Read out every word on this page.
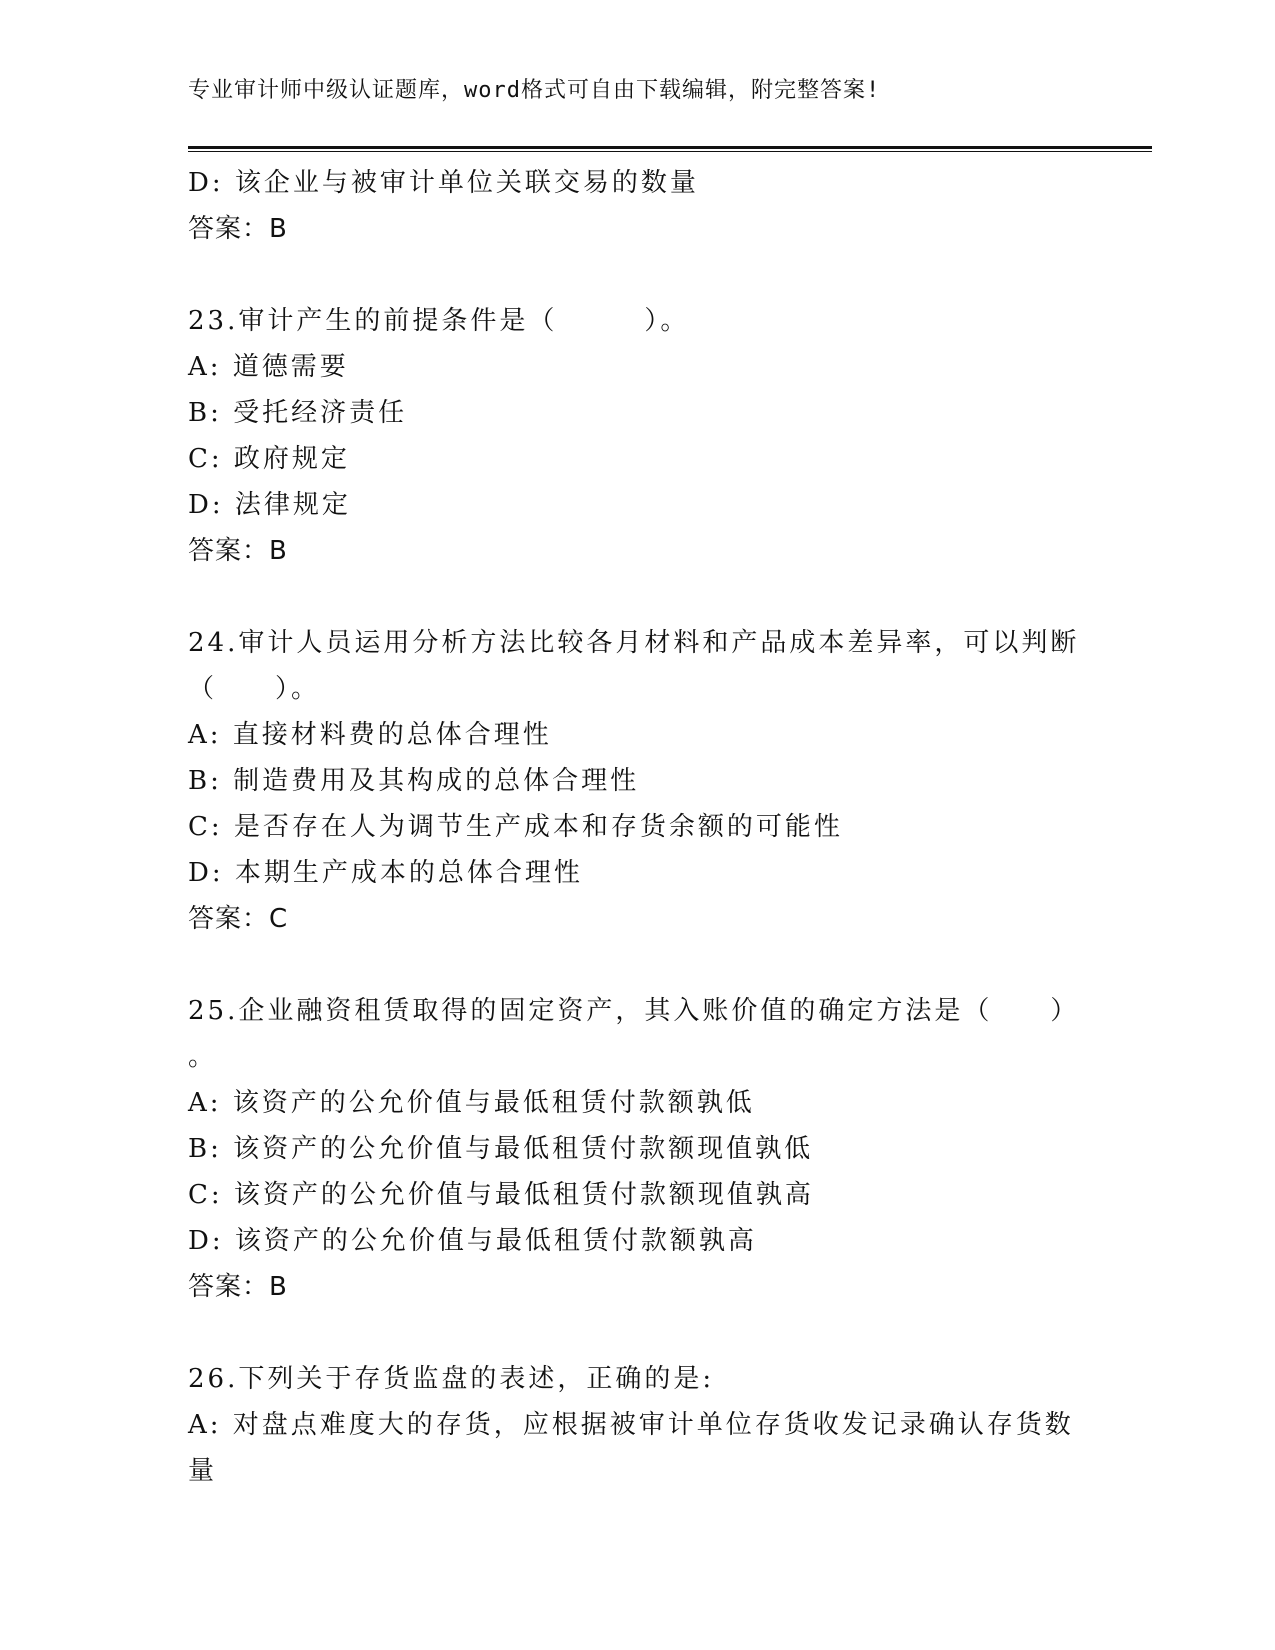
专业审计师中级认证题库，word格式可自由下载编辑，附完整答案!
D: 该企业与被审计单位关联交易的数量
答案：B
23.审计产生的前提条件是（　　　）。
A: 道德需要
B: 受托经济责任
C: 政府规定
D: 法律规定
答案：B
24.审计人员运用分析方法比较各月材料和产品成本差异率，可以判断
（　　）。
A: 直接材料费的总体合理性
B: 制造费用及其构成的总体合理性
C: 是否存在人为调节生产成本和存货余额的可能性
D: 本期生产成本的总体合理性
答案：C
25.企业融资租赁取得的固定资产，其入账价值的确定方法是（　　）
。
A: 该资产的公允价值与最低租赁付款额孰低
B: 该资产的公允价值与最低租赁付款额现值孰低
C: 该资产的公允价值与最低租赁付款额现值孰高
D: 该资产的公允价值与最低租赁付款额孰高
答案：B
26.下列关于存货监盘的表述，正确的是:
A: 对盘点难度大的存货，应根据被审计单位存货收发记录确认存货数
量
